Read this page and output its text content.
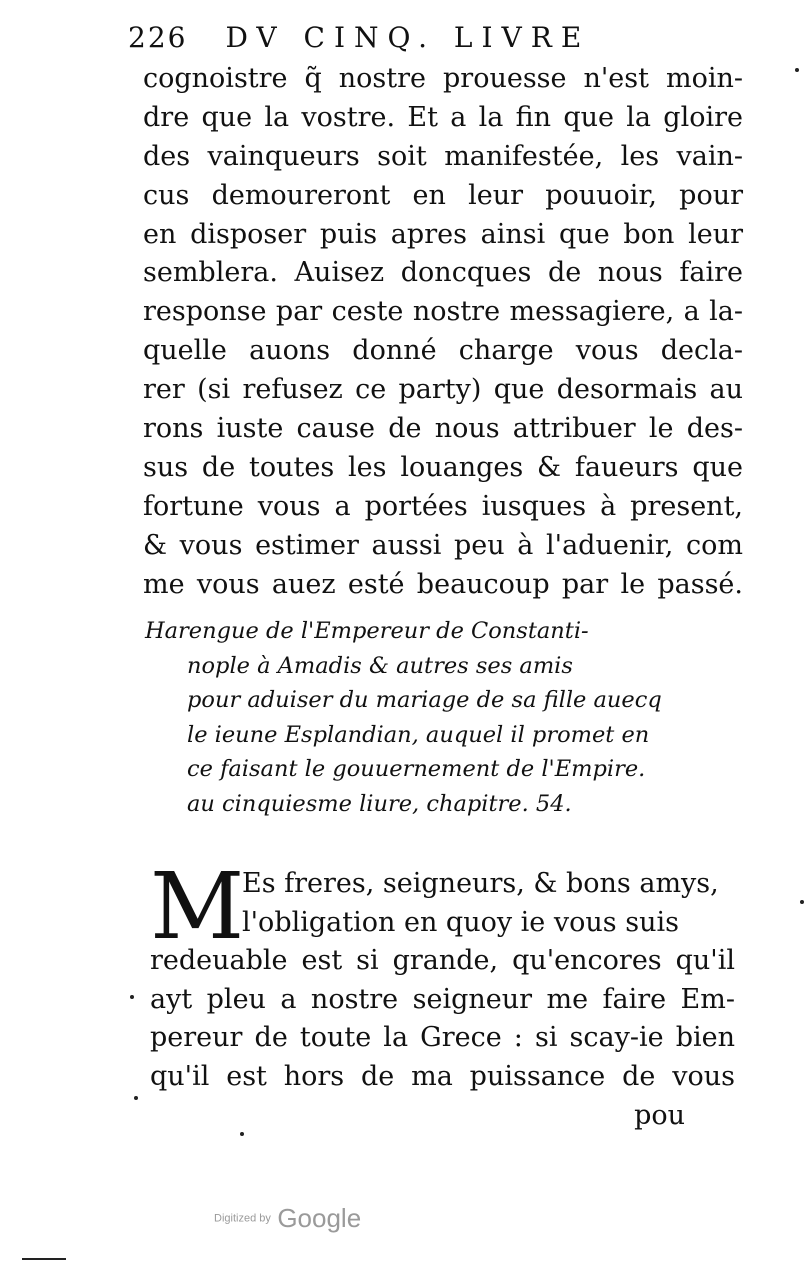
226 DV CINQ. LIVRE
cognoistre q̃ nostre prouesse n'est moin-
dre que la vostre. Et a la fin que la gloire
des vainqueurs soit manifestée, les vain-
cus demoureront en leur pouuoir, pour
en disposer puis apres ainsi que bon leur
semblera. Auisez doncques de nous faire
response par ceste nostre messagiere, a la-
quelle auons donné charge vous decla-
rer (si refusez ce party) que desormais au
rons iuste cause de nous attribuer le des-
sus de toutes les louanges & faueurs que
fortune vous a portées iusques à present,
& vous estimer aussi peu à l'aduenir, com
me vous auez esté beaucoup par le passé.
Harengue de l'Empereur de Constanti-
nople à Amadis & autres ses amis
pour aduiser du mariage de sa fille auecq
le ieune Esplandian, auquel il promet en
ce faisant le gouuernement de l'Empire.
au cinquiesme liure, chapitre. 54.
M
Es freres, seigneurs, & bons amys,
l'obligation en quoy ie vous suis
redeuable est si grande, qu'encores qu'il
ayt pleu a nostre seigneur me faire Em-
pereur de toute la Grece : si scay-ie bien
qu'il est hors de ma puissance de vous
pou
Digitized by Google
